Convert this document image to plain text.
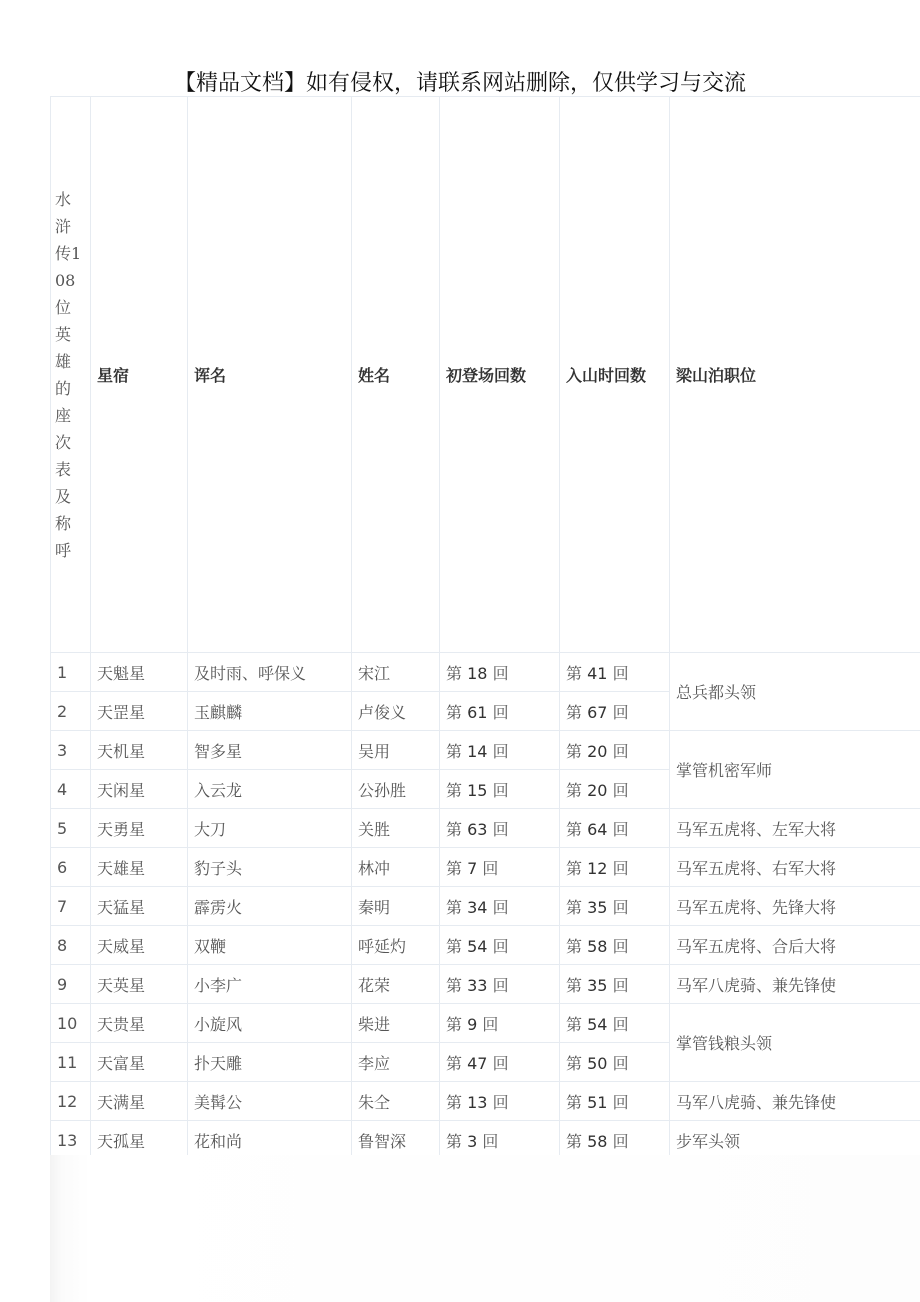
【精品文档】如有侵权，请联系网站删除，仅供学习与交流
水浒传108位英雄的座次表及称呼	星宿	诨名	姓名	初登场回数	入山时回数	梁山泊职位
1	天魁星	及时雨、呼保义	宋江	第 18 回	第 41 回	总兵都头领
2	天罡星	玉麒麟	卢俊义	第 61 回	第 67 回	
3	天机星	智多星	吴用	第 14 回	第 20 回	掌管机密军师
4	天闲星	入云龙	公孙胜	第 15 回	第 20 回	
5	天勇星	大刀	关胜	第 63 回	第 64 回	马军五虎将、左军大将
6	天雄星	豹子头	林冲	第 7 回	第 12 回	马军五虎将、右军大将
7	天猛星	霹雳火	秦明	第 34 回	第 35 回	马军五虎将、先锋大将
8	天威星	双鞭	呼延灼	第 54 回	第 58 回	马军五虎将、合后大将
9	天英星	小李广	花荣	第 33 回	第 35 回	马军八虎骑、兼先锋使
10	天贵星	小旋风	柴进	第 9 回	第 54 回	掌管钱粮头领
11	天富星	扑天雕	李应	第 47 回	第 50 回	
12	天满星	美髯公	朱仝	第 13 回	第 51 回	马军八虎骑、兼先锋使
13	天孤星	花和尚	鲁智深	第 3 回	第 58 回	步军头领
